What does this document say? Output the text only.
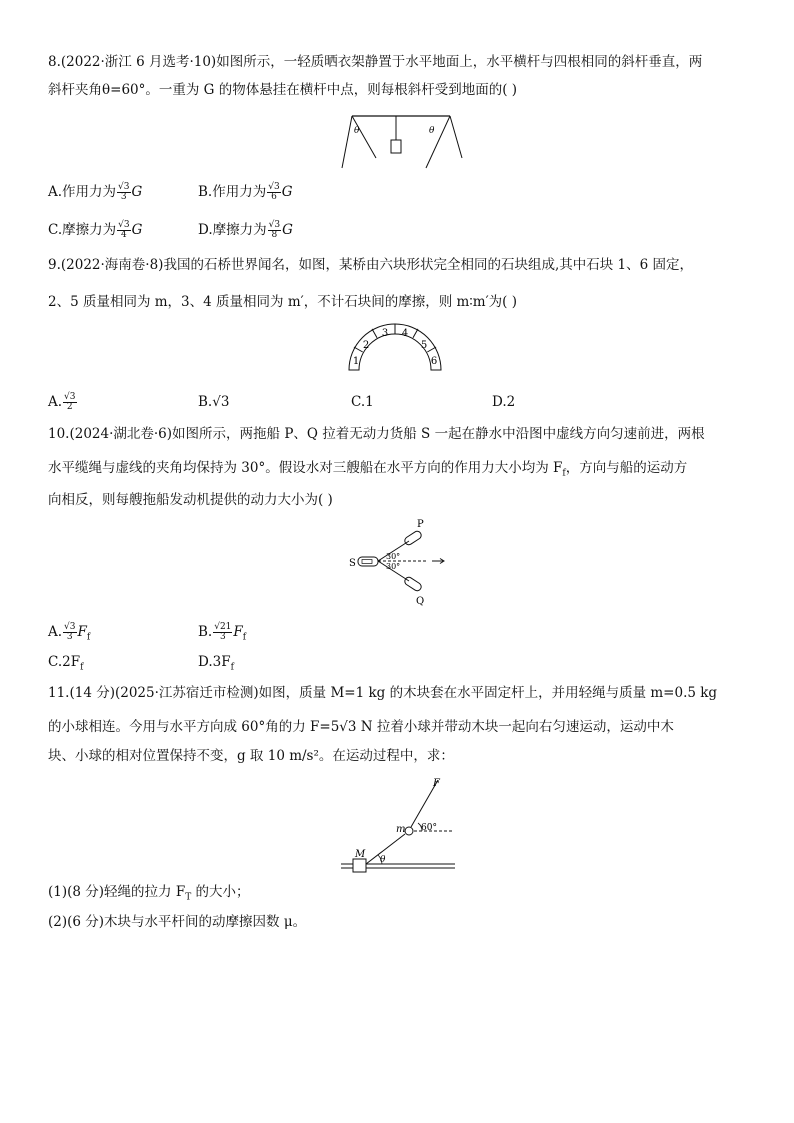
8.(2022·浙江 6 月选考·10)如图所示，一轻质晒衣架静置于水平地面上，水平横杆与四根相同的斜杆垂直，两
斜杆夹角θ=60°。一重为 G 的物体悬挂在横杆中点，则每根斜杆受到地面的( )
θ	θ
A.作用力为 $\frac{√3}{3}$ G	B.作用力为 $\frac{√3}{6}$ G
C.摩擦力为 $\frac{√3}{4}$ G	D.摩擦力为 $\frac{√3}{8}$ G
9.(2022·海南卷·8)我国的石桥世界闻名，如图，某桥由六块形状完全相同的石块组成,其中石块 1、6 固定，
2、5 质量相同为 m，3、4 质量相同为 m′，不计石块间的摩擦，则 m∶m′为( )
1
2
3 4
5
6
A. $\frac{√3}{2}$	B.√3	C.1	D.2
10.(2024·湖北卷·6)如图所示，两拖船 P、Q 拉着无动力货船 S 一起在静水中沿图中虚线方向匀速前进，两根
水平缆绳与虚线的夹角均保持为 30°。假设水对三艘船在水平方向的作用力大小均为 $F_f$，方向与船的运动方
向相反，则每艘拖船发动机提供的动力大小为( )
S
P
Q
30°
30°
A. $\frac{√3}{3} F_f$	B. $\frac{√21}{3} F_f$
$C.2F_f$	$D.3F_f$
11.(14 分)(2025·江苏宿迁市检测)如图，质量 M=1 kg 的木块套在水平固定杆上，并用轻绳与质量 m=0.5 kg
的小球相连。今用与水平方向成 60°角的力 F=5√3 N 拉着小球并带动木块一起向右匀速运动，运动中木
块、小球的相对位置保持不变，g 取 10 m/s²。在运动过程中，求：
F
m 60°
M θ
(1)(8 分)轻绳的拉力 $F_T$ 的大小；
(2)(6 分)木块与水平杆间的动摩擦因数 μ。
